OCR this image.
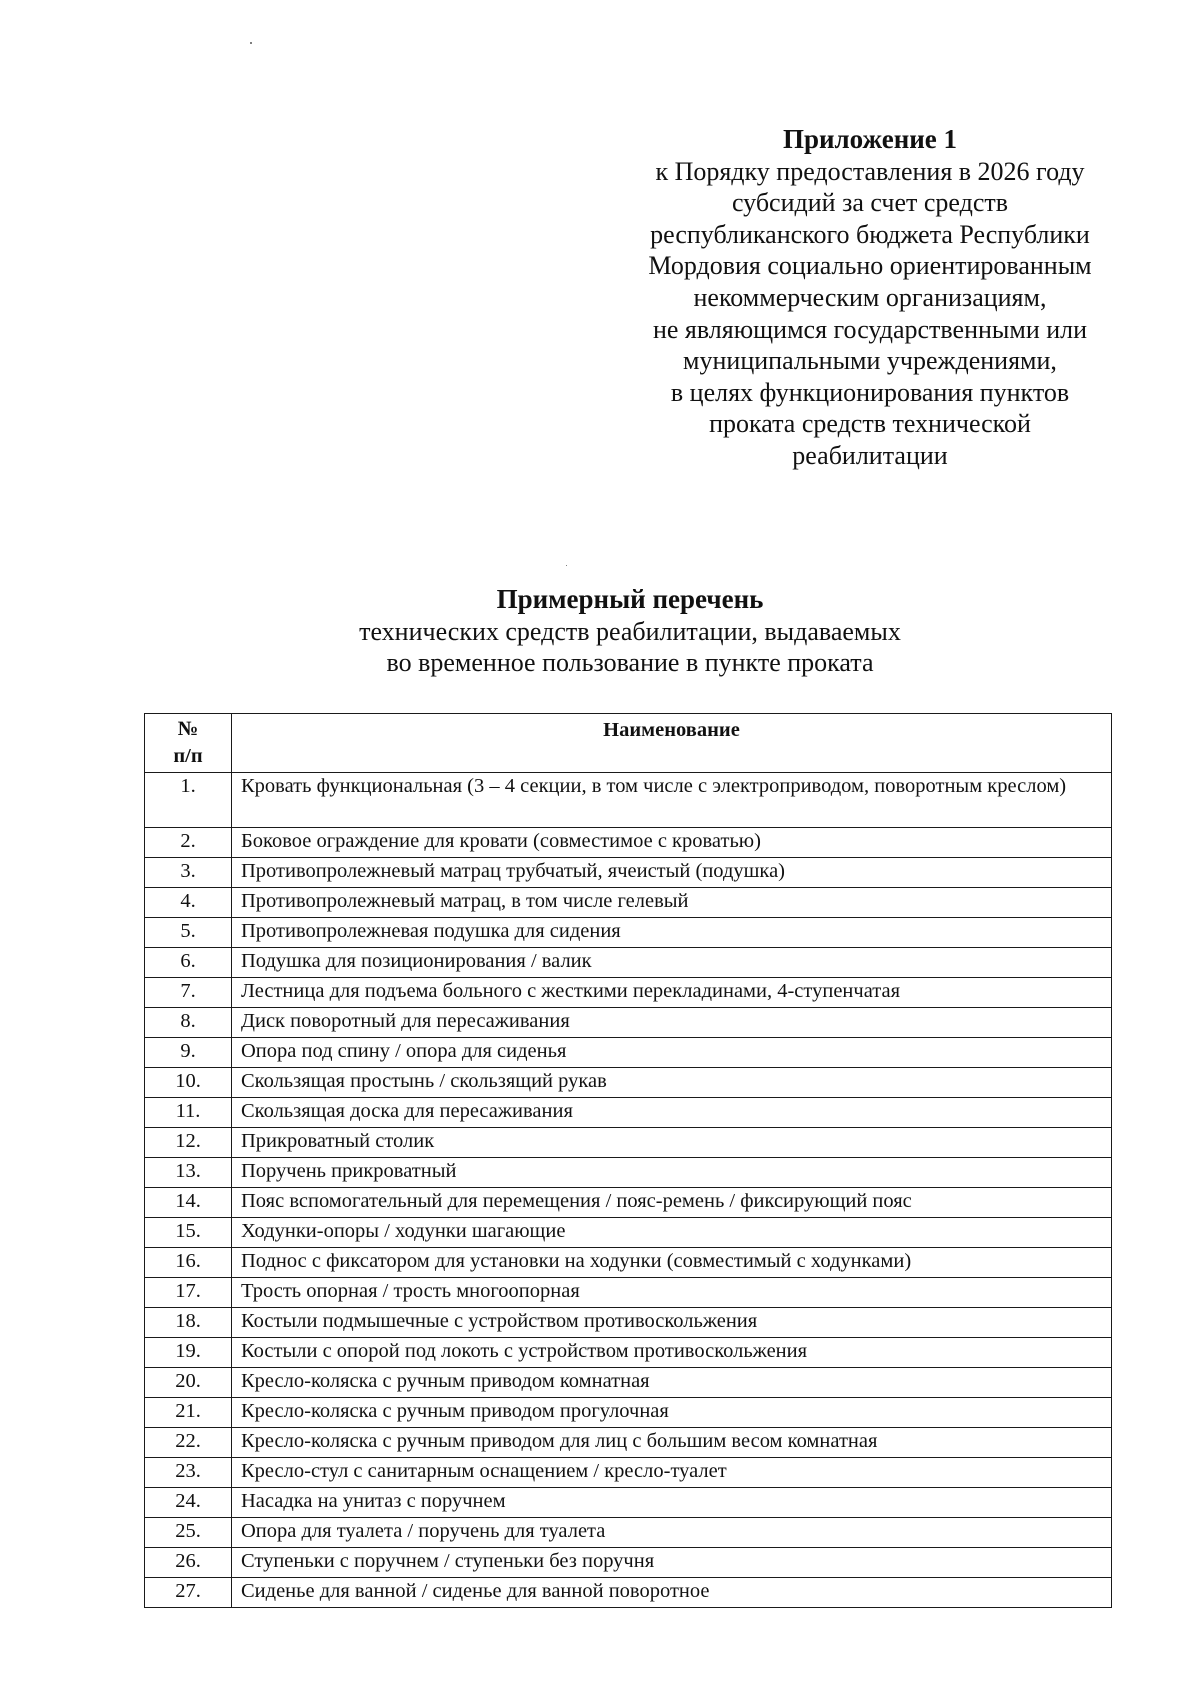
Приложение 1
к Порядку предоставления в 2026 году
субсидий за счет средств
республиканского бюджета Республики
Мордовия социально ориентированным
некоммерческим организациям,
не являющимся государственными или
муниципальными учреждениями,
в целях функционирования пунктов
проката средств технической
реабилитации
Примерный перечень
технических средств реабилитации, выдаваемых
во временное пользование в пункте проката
№
п/п	Наименование
1.	Кровать функциональная (3 – 4 секции, в том числе с электроприводом, поворотным креслом)
2.	Боковое ограждение для кровати (совместимое с кроватью)
3.	Противопролежневый матрац трубчатый, ячеистый (подушка)
4.	Противопролежневый матрац, в том числе гелевый
5.	Противопролежневая подушка для сидения
6.	Подушка для позиционирования / валик
7.	Лестница для подъема больного с жесткими перекладинами, 4-ступенчатая
8.	Диск поворотный для пересаживания
9.	Опора под спину / опора для сиденья
10.	Скользящая простынь / скользящий рукав
11.	Скользящая доска для пересаживания
12.	Прикроватный столик
13.	Поручень прикроватный
14.	Пояс вспомогательный для перемещения / пояс-ремень / фиксирующий пояс
15.	Ходунки-опоры / ходунки шагающие
16.	Поднос с фиксатором для установки на ходунки (совместимый с ходунками)
17.	Трость опорная / трость многоопорная
18.	Костыли подмышечные с устройством противоскольжения
19.	Костыли с опорой под локоть с устройством противоскольжения
20.	Кресло-коляска с ручным приводом комнатная
21.	Кресло-коляска с ручным приводом прогулочная
22.	Кресло-коляска с ручным приводом для лиц с большим весом комнатная
23.	Кресло-стул с санитарным оснащением / кресло-туалет
24.	Насадка на унитаз с поручнем
25.	Опора для туалета / поручень для туалета
26.	Ступеньки с поручнем / ступеньки без поручня
27.	Сиденье для ванной / сиденье для ванной поворотное
